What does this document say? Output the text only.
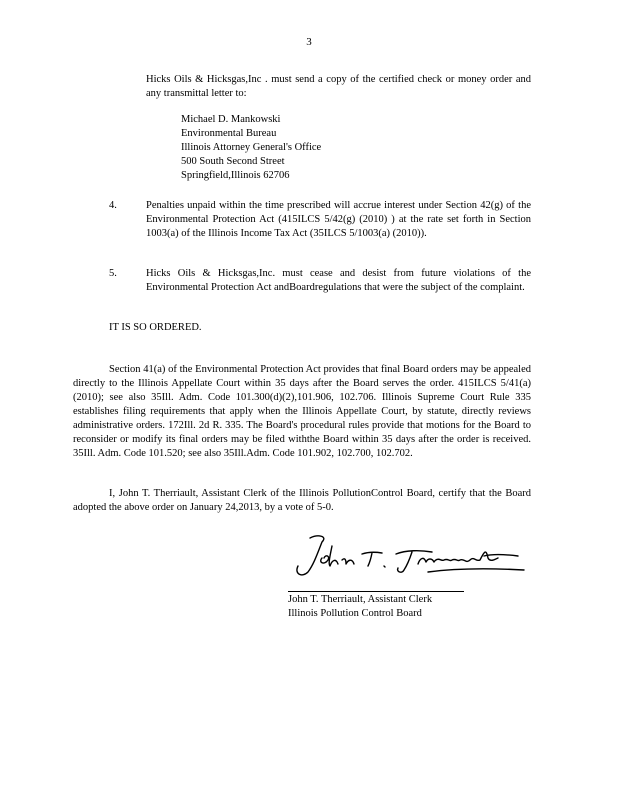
3
Hicks Oils & Hicksgas,Inc . must send a copy of the certified check or money order and any transmittal letter to:
Michael D. Mankowski
Environmental Bureau
Illinois Attorney General's Office
500 South Second Street
Springfield,Illinois 62706
4.	Penalties unpaid within the time prescribed will accrue interest under Section 42(g) of the Environmental Protection Act (415ILCS 5/42(g) (2010) ) at the rate set forth in Section 1003(a) of the Illinois Income Tax Act (35ILCS 5/1003(a) (2010)).
5.	Hicks Oils & Hicksgas,Inc. must cease and desist from future violations of the Environmental Protection Act andBoardregulations that were the subject of the complaint.
IT IS SO ORDERED.
Section 41(a) of the Environmental Protection Act provides that final Board orders may be appealed directly to the Illinois Appellate Court within 35 days after the Board serves the order. 415ILCS 5/41(a) (2010); see also 35Ill. Adm. Code 101.300(d)(2),101.906, 102.706. Illinois Supreme Court Rule 335 establishes filing requirements that apply when the Illinois Appellate Court, by statute, directly reviews administrative orders. 172Ill. 2d R. 335. The Board's procedural rules provide that motions for the Board to reconsider or modify its final orders may be filed withthe Board within 35 days after the order is received. 35Ill. Adm. Code 101.520; see also 35Ill.Adm. Code 101.902, 102.700, 102.702.
I, John T. Therriault, Assistant Clerk of the Illinois PollutionControl Board, certify that the Board adopted the above order on January 24,2013, by a vote of 5-0.
John T. Therriault, Assistant Clerk
Illinois Pollution Control Board
